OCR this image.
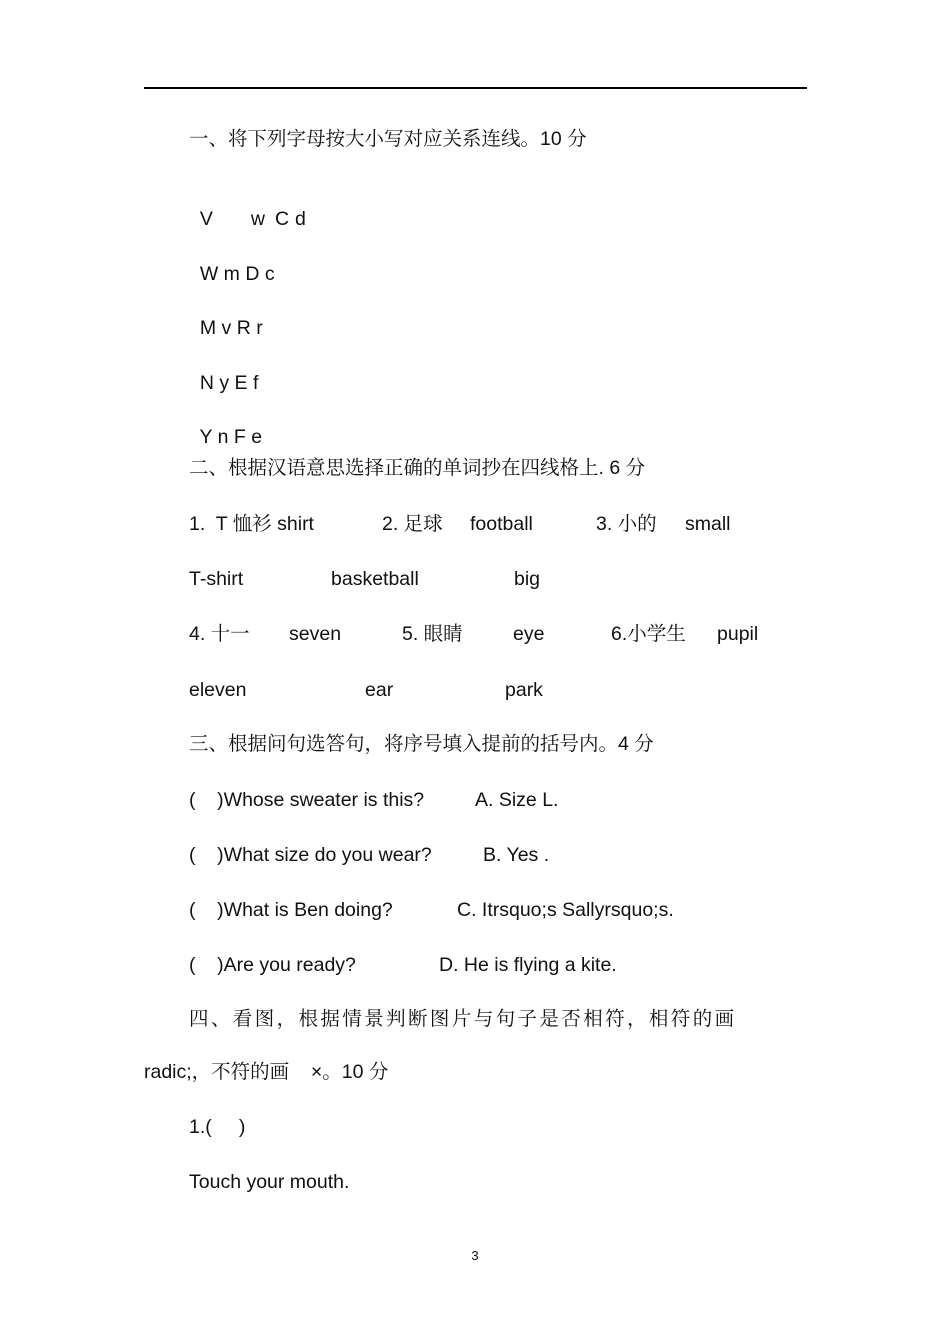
一、将下列字母按大小写对应关系连线。10 分

V w C d

W m D c

M v R r

N y E f

Y n F e

二、根据汉语意思选择正确的单词抄在四线格上. 6 分
1.  T 恤衫 shirt	2. 足球 football	3. 小的 small
T-shirt	basketball	big
4. 十一 seven	5. 眼睛	eye	6.小学生 pupil
eleven	ear	park
三、根据问句选答句，将序号填入提前的括号内。4 分
(    )Whose sweater is this?	A. Size L.
(    )What size do you wear?	B. Yes .
(    )What is Ben doing?	C. Itrsquo;s Sallyrsquo;s.
(    )Are you ready?	D. He is flying a kite.
四、看图，根据情景判断图片与句子是否相符，相符的画
radic;，不符的画    ×。10 分
1.(     )
Touch your mouth.
3
